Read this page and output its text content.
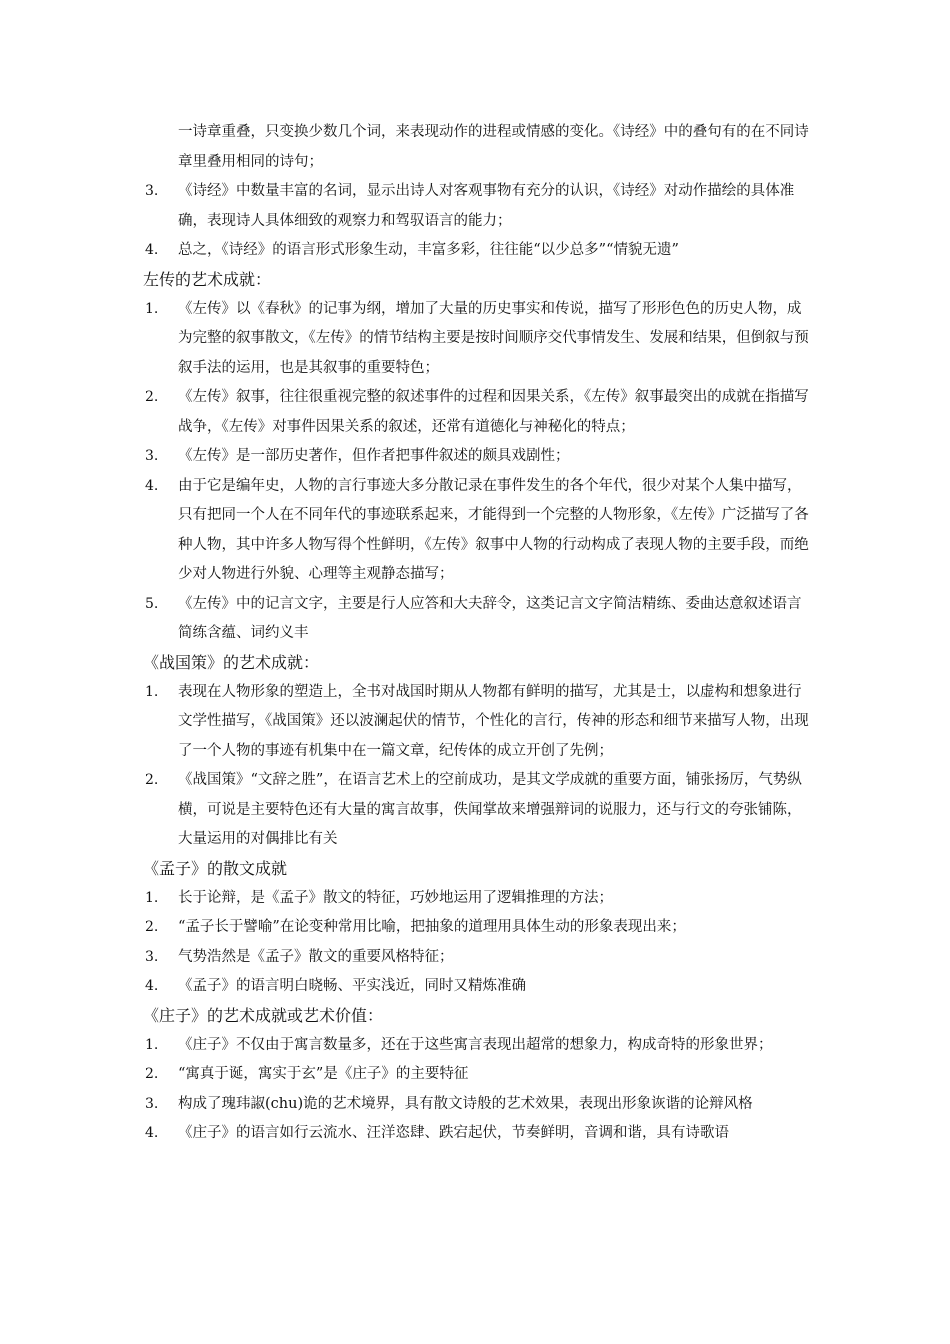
一诗章重叠，只变换少数几个词，来表现动作的进程或情感的变化。《诗经》中的叠句有的在不同诗章里叠用相同的诗句；
3. 《诗经》中数量丰富的名词，显示出诗人对客观事物有充分的认识，《诗经》对动作描绘的具体准确，表现诗人具体细致的观察力和驾驭语言的能力；
4. 总之，《诗经》的语言形式形象生动，丰富多彩，往往能“以少总多”“情貌无遗”
左传的艺术成就：
1. 《左传》以《春秋》的记事为纲，增加了大量的历史事实和传说，描写了形形色色的历史人物，成为完整的叙事散文，《左传》的情节结构主要是按时间顺序交代事情发生、发展和结果，但倒叙与预叙手法的运用，也是其叙事的重要特色；
2. 《左传》叙事，往往很重视完整的叙述事件的过程和因果关系，《左传》叙事最突出的成就在指描写战争，《左传》对事件因果关系的叙述，还常有道德化与神秘化的特点；
3. 《左传》是一部历史著作，但作者把事件叙述的颇具戏剧性；
4. 由于它是编年史，人物的言行事迹大多分散记录在事件发生的各个年代，很少对某个人集中描写，只有把同一个人在不同年代的事迹联系起来，才能得到一个完整的人物形象，《左传》广泛描写了各种人物，其中许多人物写得个性鲜明，《左传》叙事中人物的行动构成了表现人物的主要手段，而绝少对人物进行外貌、心理等主观静态描写；
5. 《左传》中的记言文字，主要是行人应答和大夫辞令，这类记言文字简洁精练、委曲达意叙述语言简练含蕴、词约义丰
《战国策》的艺术成就：
1. 表现在人物形象的塑造上，全书对战国时期从人物都有鲜明的描写，尤其是士，以虚构和想象进行文学性描写，《战国策》还以波澜起伏的情节，个性化的言行，传神的形态和细节来描写人物，出现了一个人物的事迹有机集中在一篇文章，纪传体的成立开创了先例；
2. 《战国策》“文辞之胜”，在语言艺术上的空前成功，是其文学成就的重要方面，铺张扬厉，气势纵横，可说是主要特色还有大量的寓言故事，佚闻掌故来增强辩词的说服力，还与行文的夸张铺陈，大量运用的对偶排比有关
《孟子》的散文成就
1. 长于论辩，是《孟子》散文的特征，巧妙地运用了逻辑推理的方法；
2. “孟子长于譬喻”在论变种常用比喻，把抽象的道理用具体生动的形象表现出来；
3. 气势浩然是《孟子》散文的重要风格特征；
4. 《孟子》的语言明白晓畅、平实浅近，同时又精炼准确
《庄子》的艺术成就或艺术价值：
1. 《庄子》不仅由于寓言数量多，还在于这些寓言表现出超常的想象力，构成奇特的形象世界；
2. “寓真于诞，寓实于玄”是《庄子》的主要特征
3. 构成了瑰玮諔(chu)诡的艺术境界，具有散文诗般的艺术效果，表现出形象诙谐的论辩风格
4. 《庄子》的语言如行云流水、汪洋恣肆、跌宕起伏，节奏鲜明，音调和谐，具有诗歌语
